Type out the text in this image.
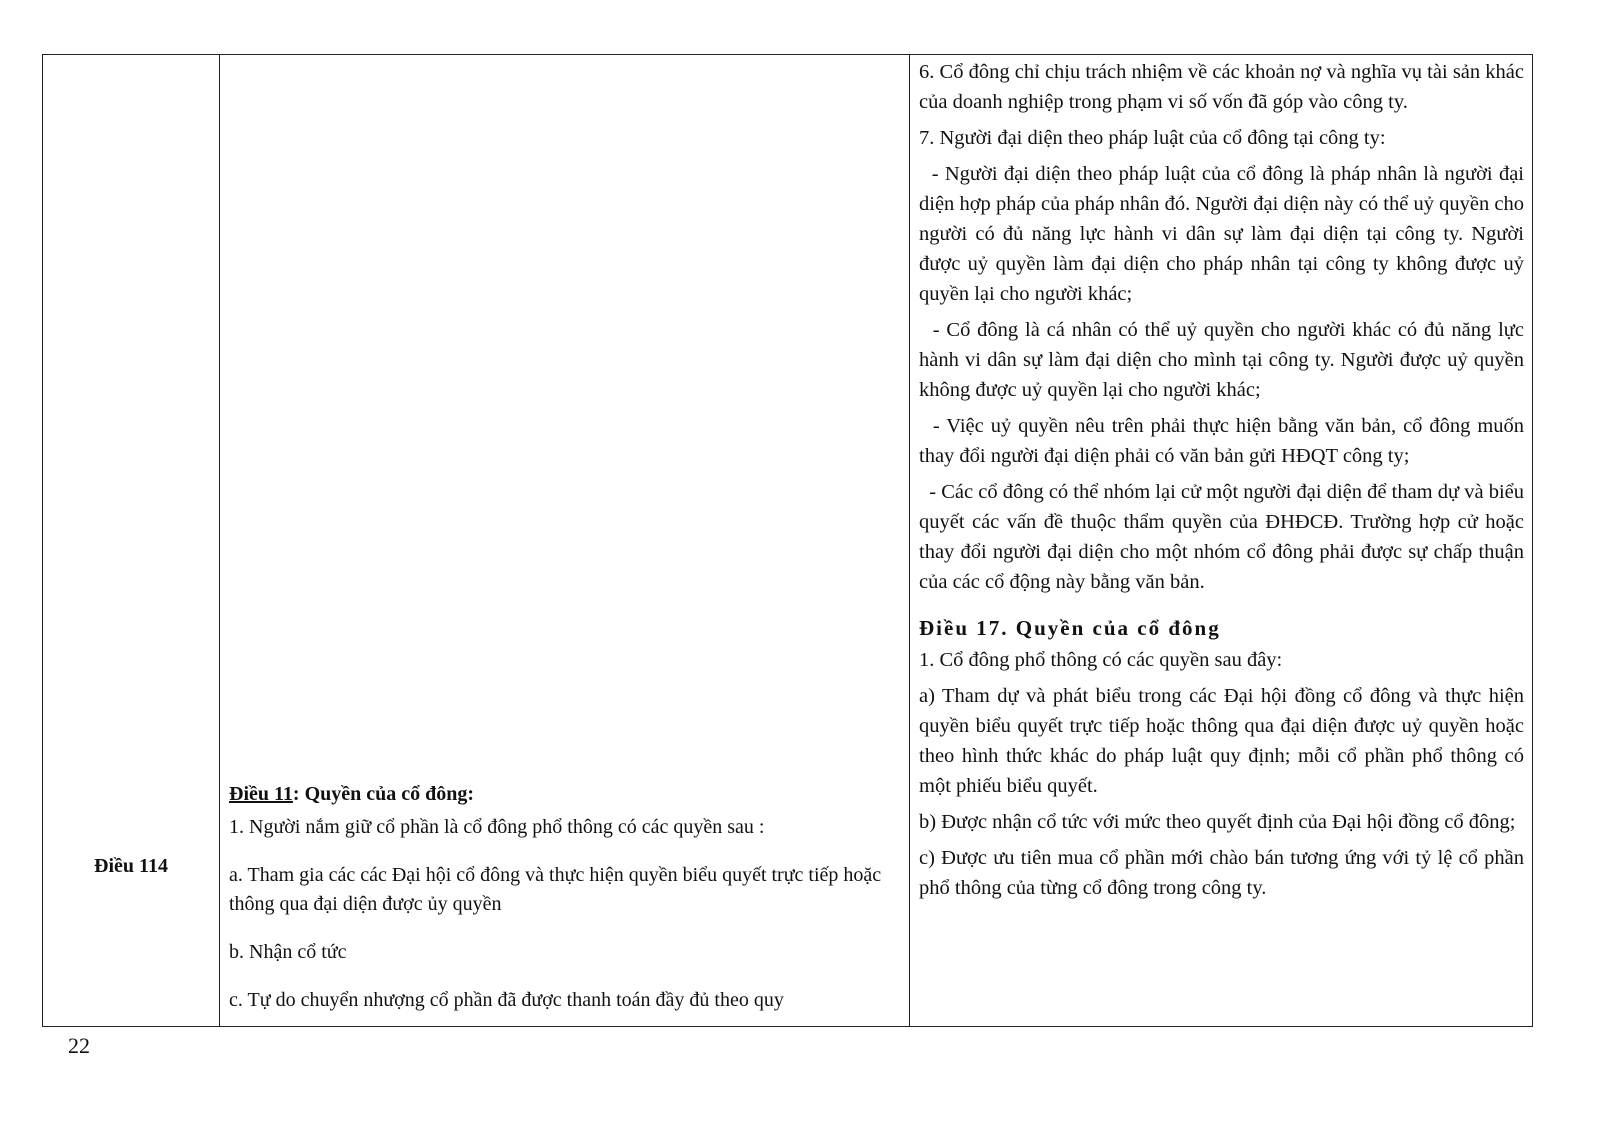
Điều 114

Điều 11: Quyền của cổ đông:

1. Người nắm giữ cổ phần là cổ đông phổ thông có các quyền sau :

a. Tham gia các các Đại hội cổ đông và thực hiện quyền biểu quyết trực tiếp hoặc thông qua đại diện được ủy quyền

b. Nhận cổ tức

c. Tự do chuyển nhượng cổ phần đã được thanh toán đầy đủ theo quy

6. Cổ đông chỉ chịu trách nhiệm về các khoản nợ và nghĩa vụ tài sản khác của doanh nghiệp trong phạm vi số vốn đã góp vào công ty.

7. Người đại diện theo pháp luật của cổ đông tại công ty:

- Người đại diện theo pháp luật của cổ đông là pháp nhân là người đại diện hợp pháp của pháp nhân đó. Người đại diện này có thể uỷ quyền cho người có đủ năng lực hành vi dân sự làm đại diện tại công ty. Người được uỷ quyền làm đại diện cho pháp nhân tại công ty không được uỷ quyền lại cho người khác;

- Cổ đông là cá nhân có thể uỷ quyền cho người khác có đủ năng lực hành vi dân sự làm đại diện cho mình tại công ty. Người được uỷ quyền không được uỷ quyền lại cho người khác;

- Việc uỷ quyền nêu trên phải thực hiện bằng văn bản, cổ đông muốn thay đổi người đại diện phải có văn bản gửi HĐQT công ty;

- Các cổ đông có thể nhóm lại cử một người đại diện để tham dự và biểu quyết các vấn đề thuộc thẩm quyền của ĐHĐCĐ. Trường hợp cử hoặc thay đổi người đại diện cho một nhóm cổ đông phải được sự chấp thuận của các cổ động này bằng văn bản.

Điều 17. Quyền của cổ đông

1. Cổ đông phổ thông có các quyền sau đây:

a) Tham dự và phát biểu trong các Đại hội đồng cổ đông và thực hiện quyền biểu quyết trực tiếp hoặc thông qua đại diện được uỷ quyền hoặc theo hình thức khác do pháp luật quy định; mỗi cổ phần phổ thông có một phiếu biểu quyết.

b) Được nhận cổ tức với mức theo quyết định của Đại hội đồng cổ đông;

c) Được ưu tiên mua cổ phần mới chào bán tương ứng với tỷ lệ cổ phần phổ thông của từng cổ đông trong công ty.

22
